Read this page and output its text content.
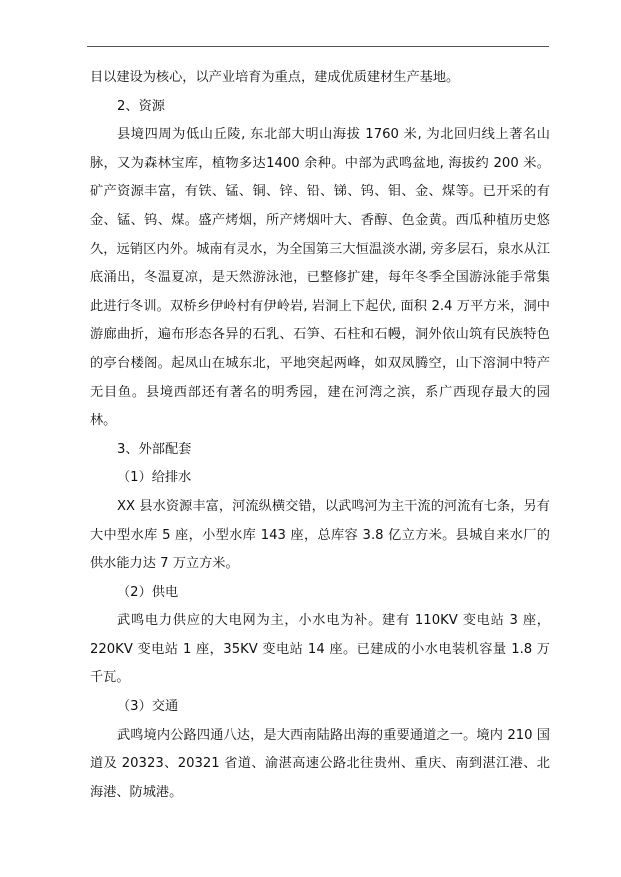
目以建设为核心，以产业培育为重点，建成优质建材生产基地。

2、资源

县境四周为低山丘陵, 东北部大明山海拔 1760 米, 为北回归线上著名山脉，又为森林宝库，植物多达1400 余种。中部为武鸣盆地, 海拔约 200 米。矿产资源丰富，有铁、锰、铜、锌、铅、锑、钨、钼、金、煤等。已开采的有金、锰、钨、煤。盛产烤烟，所产烤烟叶大、香醇、色金黄。西瓜种植历史悠久，远销区内外。城南有灵水，为全国第三大恒温淡水湖, 旁多层石，泉水从江底涌出，冬温夏凉，是天然游泳池，已整修扩建，每年冬季全国游泳能手常集此进行冬训。双桥乡伊岭村有伊岭岩, 岩洞上下起伏, 面积 2.4 万平方米，洞中游廊曲折，遍布形态各异的石乳、石笋、石柱和石幔，洞外依山筑有民族特色的亭台楼阁。起凤山在城东北，平地突起两峰，如双凤腾空，山下溶洞中特产无目鱼。县境西部还有著名的明秀园，建在河湾之滨，系广西现存最大的园林。

3、外部配套

（1）给排水

XX 县水资源丰富，河流纵横交错，以武鸣河为主干流的河流有七条，另有大中型水库 5 座，小型水库 143 座，总库容 3.8 亿立方米。县城自来水厂的供水能力达 7 万立方米。

（2）供电

武鸣电力供应的大电网为主，小水电为补。建有 110KV 变电站 3 座，220KV 变电站 1 座，35KV 变电站 14 座。已建成的小水电装机容量 1.8 万千瓦。

（3）交通

武鸣境内公路四通八达，是大西南陆路出海的重要通道之一。境内 210 国道及 20323、20321 省道、渝湛高速公路北往贵州、重庆、南到湛江港、北海港、防城港。
